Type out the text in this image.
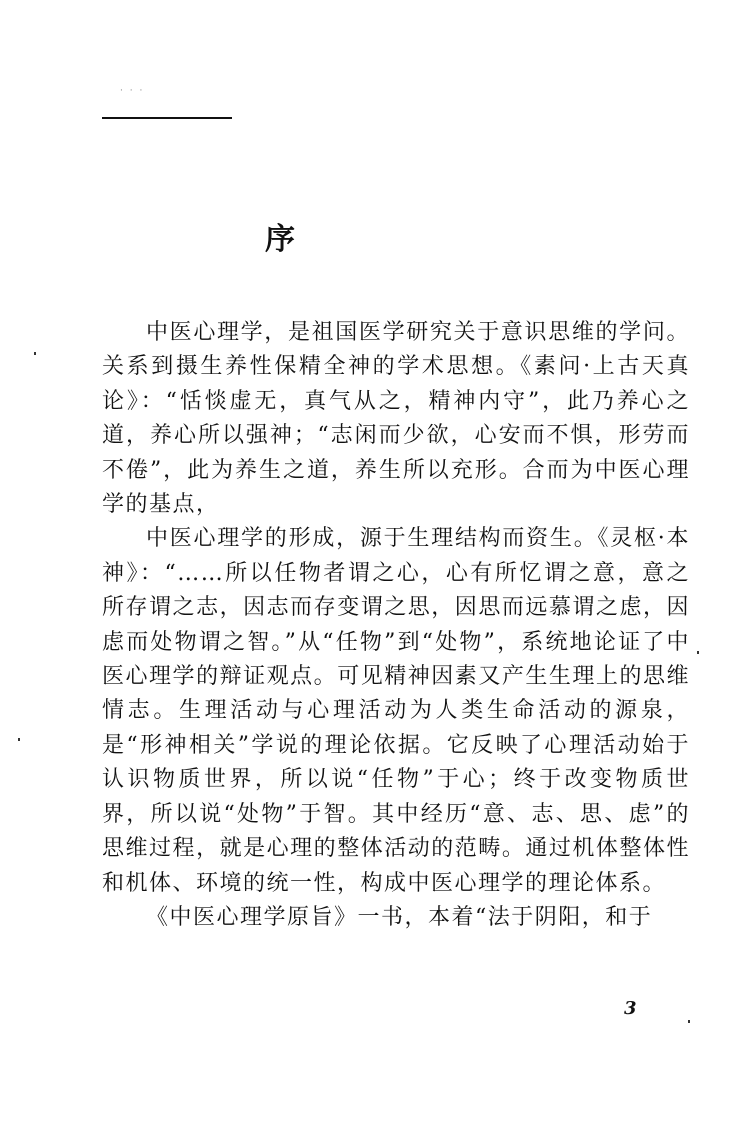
· · ·
序

中医心理学，是祖国医学研究关于意识思维的学问。关系到摄生养性保精全神的学术思想。《素问·上古天真论》：“恬惔虚无，真气从之，精神内守”，此乃养心之道，养心所以强神；“志闲而少欲，心安而不惧，形劳而不倦”，此为养生之道，养生所以充形。合而为中医心理学的基点，

中医心理学的形成，源于生理结构而资生。《灵枢·本神》：“……所以任物者谓之心，心有所忆谓之意，意之所存谓之志，因志而存变谓之思，因思而远慕谓之虑，因虑而处物谓之智。”从“任物”到“处物”，系统地论证了中医心理学的辩证观点。可见精神因素又产生生理上的思维情志。生理活动与心理活动为人类生命活动的源泉，是“形神相关”学说的理论依据。它反映了心理活动始于认识物质世界，所以说“任物”于心；终于改变物质世界，所以说“处物”于智。其中经历“意、志、思、虑”的思维过程，就是心理的整体活动的范畴。通过机体整体性和机体、环境的统一性，构成中医心理学的理论体系。

《中医心理学原旨》一书，本着“法于阴阳，和于

3
